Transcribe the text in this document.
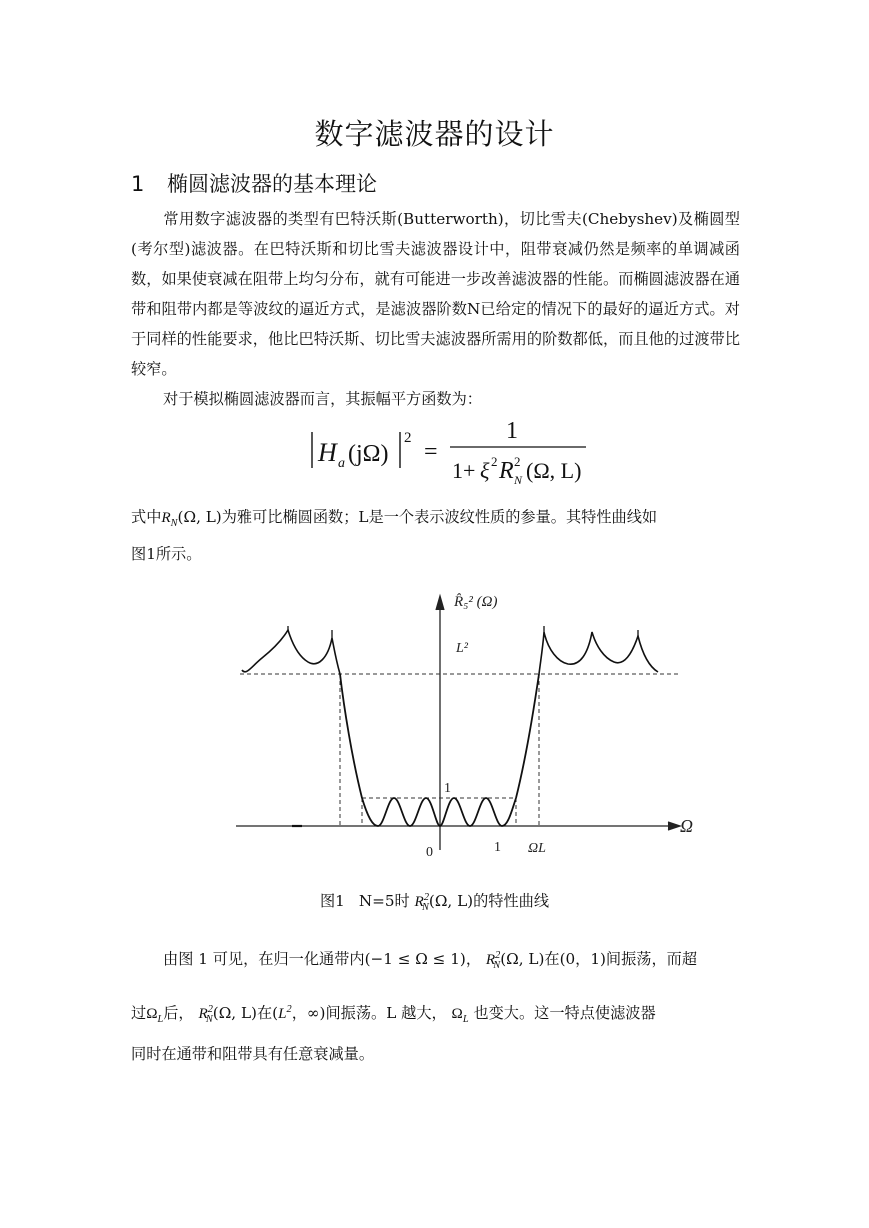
数字滤波器的设计
1 椭圆滤波器的基本理论
常用数字滤波器的类型有巴特沃斯(Butterworth)，切比雪夫(Chebyshev)及椭圆型(考尔型)滤波器。在巴特沃斯和切比雪夫滤波器设计中，阻带衰减仍然是频率的单调减函数，如果使衰减在阻带上均匀分布，就有可能进一步改善滤波器的性能。而椭圆滤波器在通带和阻带内都是等波纹的逼近方式，是滤波器阶数N已给定的情况下的最好的逼近方式。对于同样的性能要求，他比巴特沃斯、切比雪夫滤波器所需用的阶数都低，而且他的过渡带比较窄。
对于模拟椭圆滤波器而言，其振幅平方函数为：
H a (jΩ)
2
=
1
1+ ξ 2 R 2
N (Ω, L)
式中$R_N(\Omega$, L)为雅可比椭圆函数；L是一个表示波纹性质的参量。其特性曲线如
图1所示。
R̂₅² (Ω)
L²
1
Ω
0	1 ΩL
图1 N=5时 $R^2_N(\Omega$, L)的特性曲线
由图 1 可见，在归一化通带内(−1 ≤ Ω ≤ 1)， $R^2_N(\Omega$, L)在(0，1)间振荡，而超
过$\Omega_L$后， $R^2_N(\Omega$, L)在($L^2$，∞)间振荡。L 越大， $\Omega_L$ 也变大。这一特点使滤波器
同时在通带和阻带具有任意衰减量。
